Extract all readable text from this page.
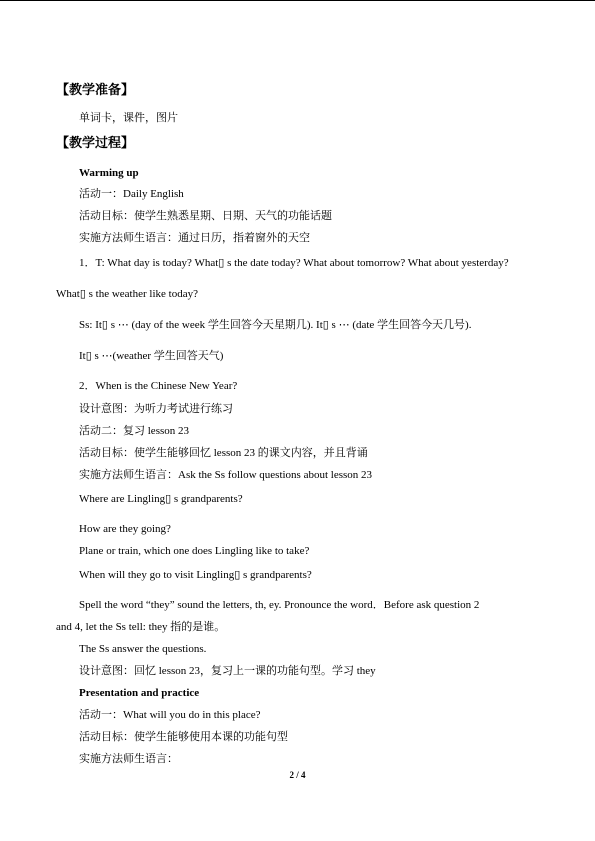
【教学准备】
单词卡，课件，图片
【教学过程】
Warming up
活动一：Daily English
活动目标：使学生熟悉星期、日期、天气的功能话题
实施方法师生语言：通过日历，指着窗外的天空
1．T: What day is today? What▯ s the date today? What about tomorrow? What about yesterday?
What▯ s the weather like today?
Ss: It▯ s ⋯ (day of the week 学生回答今天星期几). It▯ s ⋯ (date 学生回答今天几号).
It▯ s ⋯(weather 学生回答天气)
2．When is the Chinese New Year?
设计意图：为听力考试进行练习
活动二：复习 lesson 23
活动目标：使学生能够回忆 lesson 23 的课文内容，并且背诵
实施方法师生语言：Ask the Ss follow questions about lesson 23
Where are Lingling▯ s grandparents?
How are they going?
Plane or train, which one does Lingling like to take?
When will they go to visit Lingling▯ s grandparents?
Spell the word “they” sound the letters, th, ey. Pronounce the word．Before ask question 2
and 4, let the Ss tell: they 指的是谁。
The Ss answer the questions.
设计意图：回忆 lesson 23，复习上一课的功能句型。学习 they
Presentation and practice
活动一：What will you do in this place?
活动目标：使学生能够使用本课的功能句型
实施方法师生语言：
2 / 4
